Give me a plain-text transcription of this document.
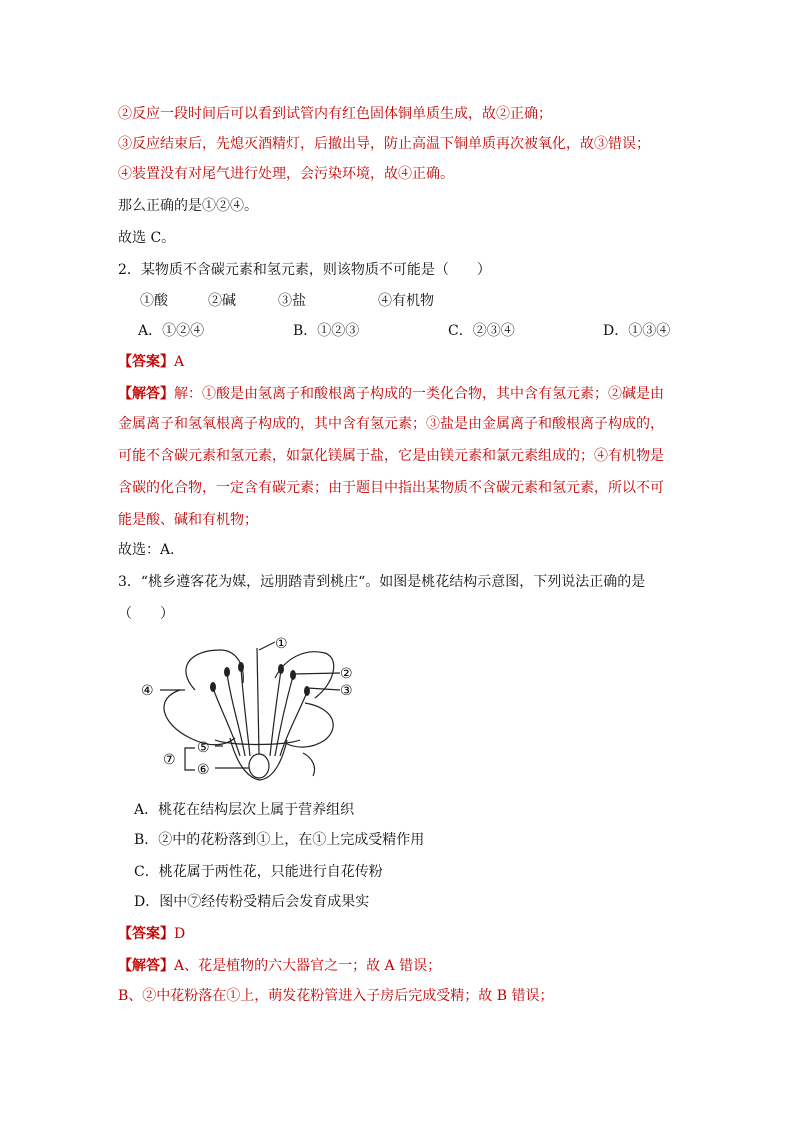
②反应一段时间后可以看到试管内有红色固体铜单质生成，故②正确；
③反应结束后，先熄灭酒精灯，后撤出导，防止高温下铜单质再次被氧化，故③错误；
④装置没有对尾气进行处理，会污染环境，故④正确。
那么正确的是①②④。
故选 C。
2．某物质不含碳元素和氢元素，则该物质不可能是（　　）
①酸	②碱	③盐	④有机物
A．①②④	B．①②③	C．②③④	D．①③④
【答案】A
【解答】解：①酸是由氢离子和酸根离子构成的一类化合物，其中含有氢元素；②碱是由
金属离子和氢氧根离子构成的，其中含有氢元素；③盐是由金属离子和酸根离子构成的，
可能不含碳元素和氢元素，如氯化镁属于盐，它是由镁元素和氯元素组成的；④有机物是
含碳的化合物，一定含有碳元素；由于题目中指出某物质不含碳元素和氢元素，所以不可
能是酸、碱和有机物；
故选：A．
3．“桃乡遵客花为媒，远朋踏青到桃庄“。如图是桃花结构示意图，下列说法正确的是
（　　）
①
②
③
④
⑤
⑥
⑦
A．桃花在结构层次上属于营养组织
B．②中的花粉落到①上，在①上完成受精作用
C．桃花属于两性花，只能进行自花传粉
D．图中⑦经传粉受精后会发育成果实
【答案】D
【解答】A、花是植物的六大器官之一；故 A 错误；
B、②中花粉落在①上，萌发花粉管进入子房后完成受精；故 B 错误；
